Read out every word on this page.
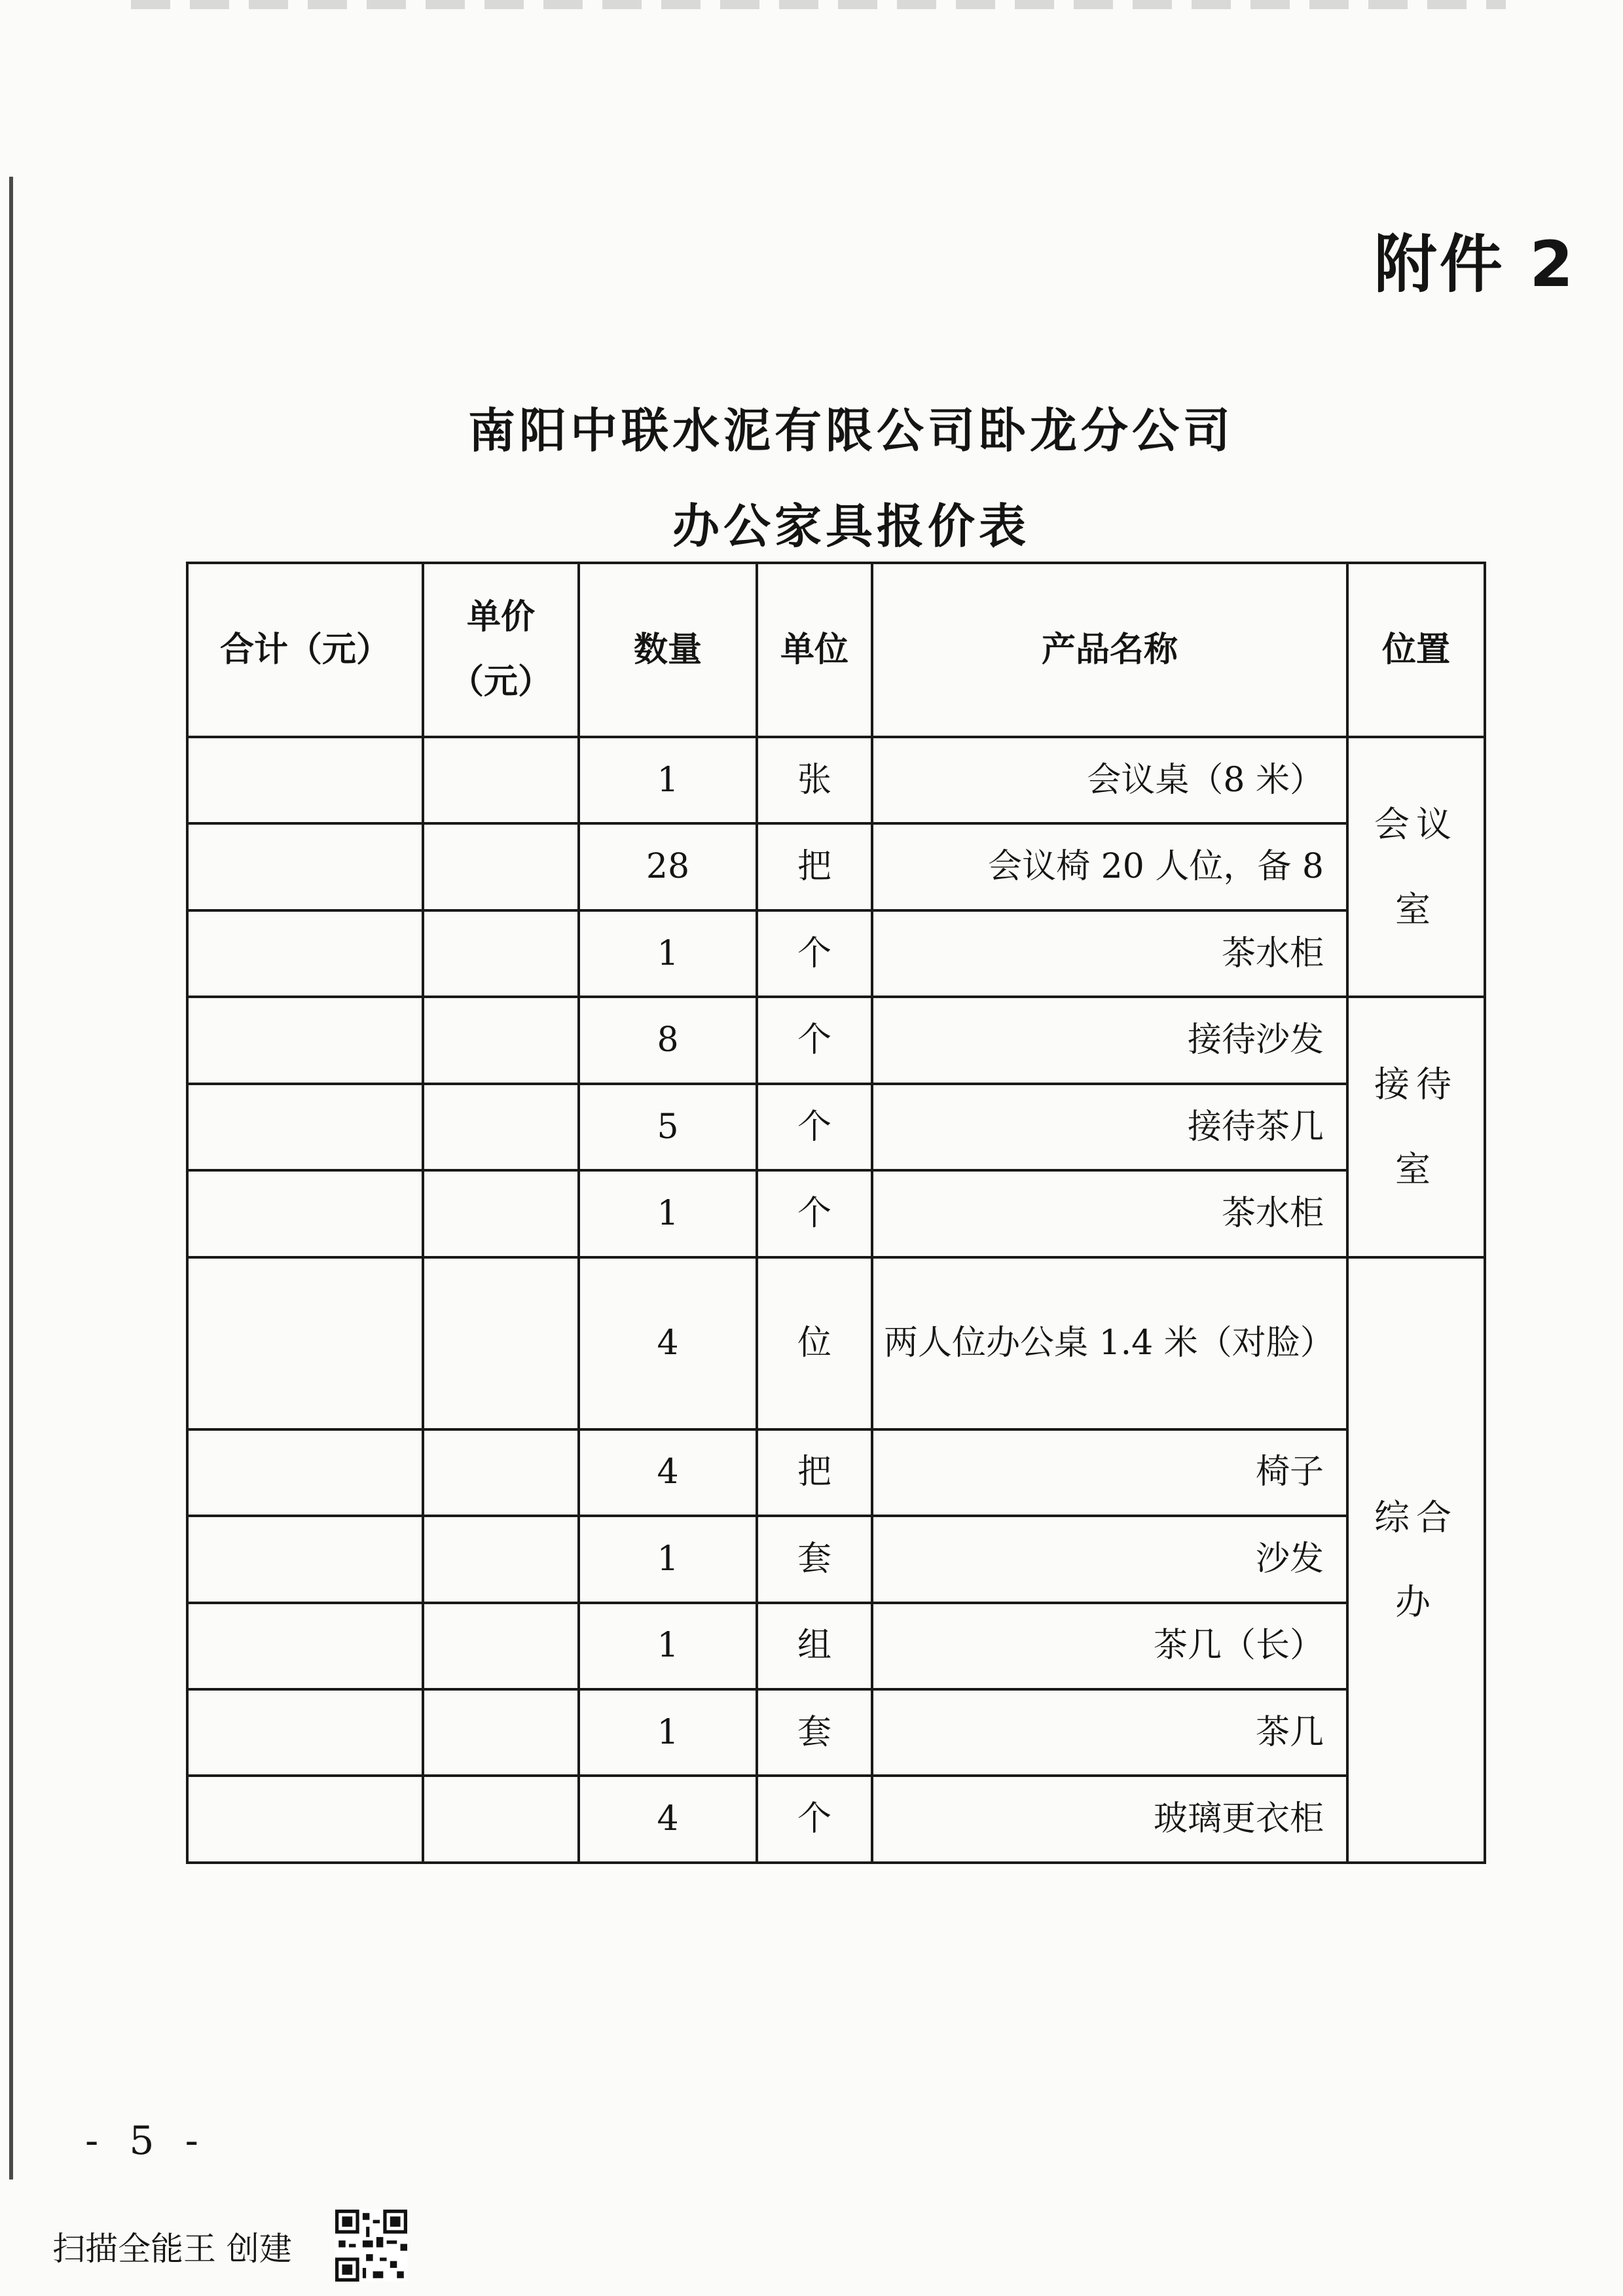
附件 2
南阳中联水泥有限公司卧龙分公司
办公家具报价表
合计（元）	单价（元）	数量	单位	产品名称	位置
		1	张	会议桌（8 米）	会议室
		28	把	会议椅 20 人位，备 8	
		1	个	茶水柜	
		8	个	接待沙发	接待室
		5	个	接待茶几	
		1	个	茶水柜	
		4	位	两人位办公桌 1.4 米（对脸）	综合办
		4	把	椅子	
		1	套	沙发	
		1	组	茶几（长）	
		1	套	茶几	
		4	个	玻璃更衣柜	
- 5 -
扫描全能王 创建
